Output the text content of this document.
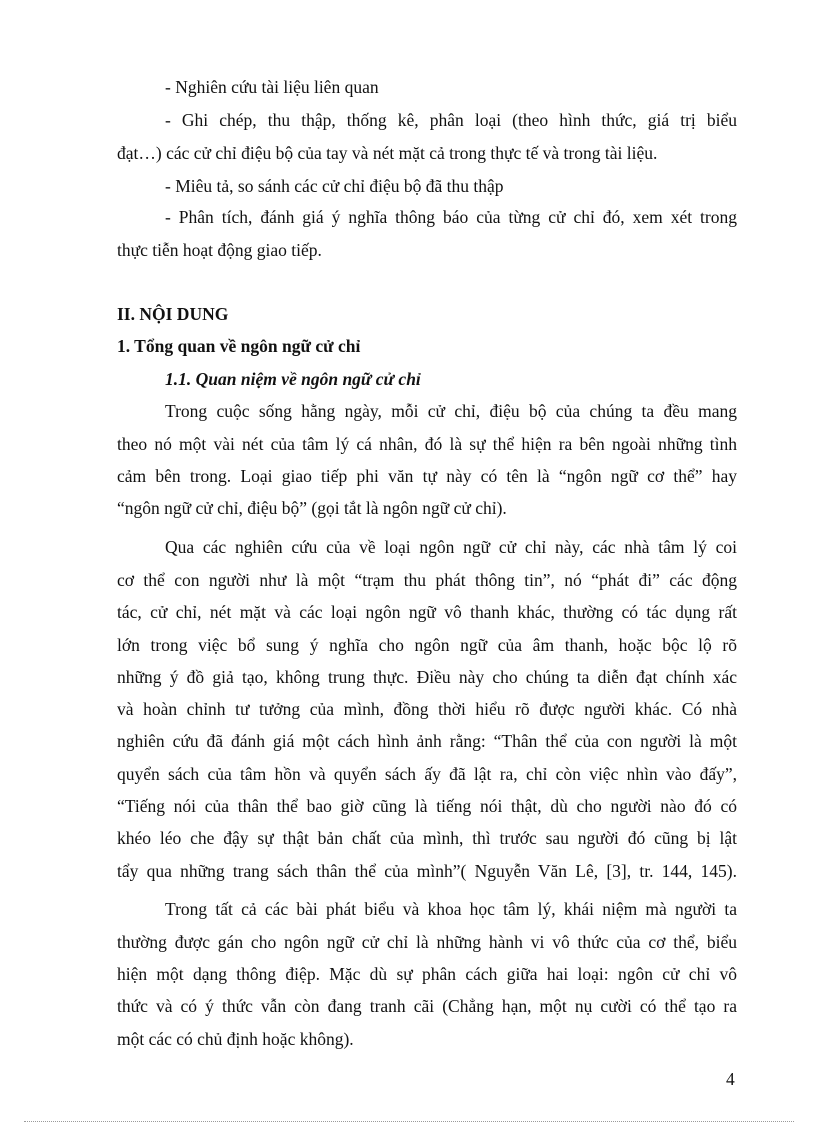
- Nghiên cứu tài liệu liên quan
- Ghi chép, thu thập, thống kê, phân loại (theo hình thức, giá trị biểu
đạt…) các cử chỉ điệu bộ của tay và nét mặt cả trong thực tế và trong tài liệu.
- Miêu tả, so sánh các cử chỉ điệu bộ đã thu thập
- Phân tích, đánh giá ý nghĩa thông báo của từng cử chỉ đó, xem xét trong
thực tiễn hoạt động giao tiếp.
II. NỘI DUNG
1. Tổng quan về ngôn ngữ cử chỉ
1.1. Quan niệm về ngôn ngữ cử chỉ
Trong cuộc sống hằng ngày, mỗi cử chỉ, điệu bộ của chúng ta đều mang
theo nó một vài nét của tâm lý cá nhân, đó là sự thể hiện ra bên ngoài những tình
cảm bên trong. Loại giao tiếp phi văn tự này có tên là “ngôn ngữ cơ thể” hay
“ngôn ngữ cử chỉ, điệu bộ” (gọi tắt là ngôn ngữ cử chỉ).
Qua các nghiên cứu của về loại ngôn ngữ cử chỉ này, các nhà tâm lý coi
cơ thể con người như là một “trạm thu phát thông tin”, nó “phát đi” các động
tác, cử chỉ, nét mặt và các loại ngôn ngữ vô thanh khác, thường có tác dụng rất
lớn trong việc bổ sung ý nghĩa cho ngôn ngữ của âm thanh, hoặc bộc lộ rõ
những ý đồ giả tạo, không trung thực. Điều này cho chúng ta diễn đạt chính xác
và hoàn chỉnh tư tưởng của mình, đồng thời hiểu rõ được người khác. Có nhà
nghiên cứu đã đánh giá một cách hình ảnh rằng: “Thân thể của con người là một
quyển sách của tâm hồn và quyển sách ấy đã lật ra, chỉ còn việc nhìn vào đấy”,
“Tiếng nói của thân thể bao giờ cũng là tiếng nói thật, dù cho người nào đó có
khéo léo che đậy sự thật bản chất của mình, thì trước sau người đó cũng bị lật
tẩy qua những trang sách thân thể của mình”( Nguyễn Văn Lê, [3], tr. 144, 145).
Trong tất cả các bài phát biểu và khoa học tâm lý, khái niệm mà người ta
thường được gán cho ngôn ngữ cử chỉ là những hành vi vô thức của cơ thể, biểu
hiện một dạng thông điệp. Mặc dù sự phân cách giữa hai loại: ngôn cử chỉ vô
thức và có ý thức vẫn còn đang tranh cãi (Chẳng hạn, một nụ cười có thể tạo ra
một các có chủ định hoặc không).
4
